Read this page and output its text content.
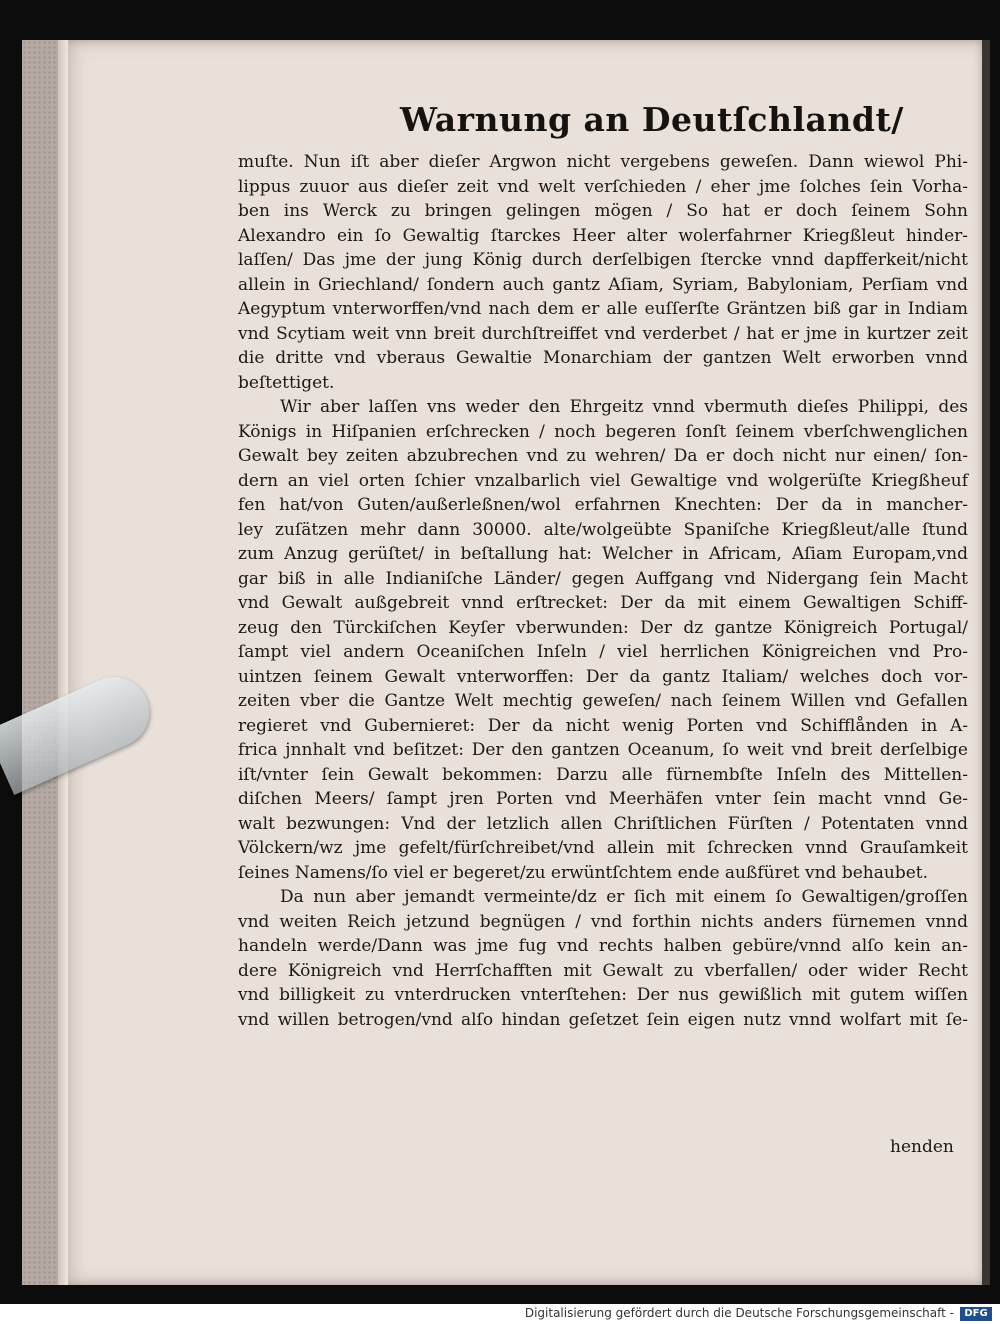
Warnung an Deutſchlandt/
muſte. Nun iſt aber dieſer Argwon nicht vergebens geweſen. Dann wiewol Phi-
lippus zuuor aus dieſer zeit vnd welt verſchieden / eher jme ſolches ſein Vorha-
ben ins Werck zu bringen gelingen mögen / So hat er doch ſeinem Sohn
Alexandro ein ſo Gewaltig ſtarckes Heer alter wolerfahrner Kriegßleut hinder-
laſſen/ Das jme der jung König durch derſelbigen ſtercke vnnd dapfferkeit/nicht
allein in Griechland/ ſondern auch gantz Aſiam, Syriam, Babyloniam, Perſiam vnd
Aegyptum vnterworffen/vnd nach dem er alle euſſerſte Gräntzen biß gar in Indiam
vnd Scytiam weit vnn breit durchſtreiffet vnd verderbet / hat er jme in kurtzer zeit
die dritte vnd vberaus Gewaltie Monarchiam der gantzen Welt erworben vnnd
beſtettiget.
Wir aber laſſen vns weder den Ehrgeitz vnnd vbermuth dieſes Philippi, des
Königs in Hiſpanien erſchrecken / noch begeren ſonſt ſeinem vberſchwenglichen
Gewalt bey zeiten abzubrechen vnd zu wehren/ Da er doch nicht nur einen/ ſon-
dern an viel orten ſchier vnzalbarlich viel Gewaltige vnd wolgerüſte Kriegßheuf
fen hat/von Guten/außerleßnen/wol erfahrnen Knechten: Der da in mancher-
ley zuſätzen mehr dann 30000. alte/wolgeübte Spaniſche Kriegßleut/alle ſtund
zum Anzug gerüſtet/ in beſtallung hat: Welcher in Africam, Aſiam Europam,vnd
gar biß in alle Indianiſche Länder/ gegen Auffgang vnd Nidergang ſein Macht
vnd Gewalt außgebreit vnnd erſtrecket: Der da mit einem Gewaltigen Schiff-
zeug den Türckiſchen Keyſer vberwunden: Der dz gantze Königreich Portugal/
ſampt viel andern Oceaniſchen Inſeln / viel herrlichen Königreichen vnd Pro-
uintzen ſeinem Gewalt vnterworffen: Der da gantz Italiam/ welches doch vor-
zeiten vber die Gantze Welt mechtig geweſen/ nach ſeinem Willen vnd Gefallen
regieret vnd Gubernieret: Der da nicht wenig Porten vnd Schifflånden in A-
frica jnnhalt vnd beſitzet: Der den gantzen Oceanum, ſo weit vnd breit derſelbige
iſt/vnter ſein Gewalt bekommen: Darzu alle fürnembſte Inſeln des Mittellen-
diſchen Meers/ ſampt jren Porten vnd Meerhäfen vnter ſein macht vnnd Ge-
walt bezwungen: Vnd der letzlich allen Chriſtlichen Fürſten / Potentaten vnnd
Völckern/wz jme gefelt/fürſchreibet/vnd allein mit ſchrecken vnnd Grauſamkeit
ſeines Namens/ſo viel er begeret/zu erwüntſchtem ende außfüret vnd behaubet.
Da nun aber jemandt vermeinte/dz er ſich mit einem ſo Gewaltigen/groſſen
vnd weiten Reich jetzund begnügen / vnd forthin nichts anders fürnemen vnnd
handeln werde/Dann was jme fug vnd rechts halben gebüre/vnnd alſo kein an-
dere Königreich vnd Herrſchafften mit Gewalt zu vberfallen/ oder wider Recht
vnd billigkeit zu vnterdrucken vnterſtehen: Der nus gewißlich mit gutem wiſſen
vnd willen betrogen/vnd alſo hindan geſetzet ſein eigen nutz vnnd wolfart mit ſe-
henden
Digitalisierung gefördert durch die Deutsche Forschungsgemeinschaft -	DFG
